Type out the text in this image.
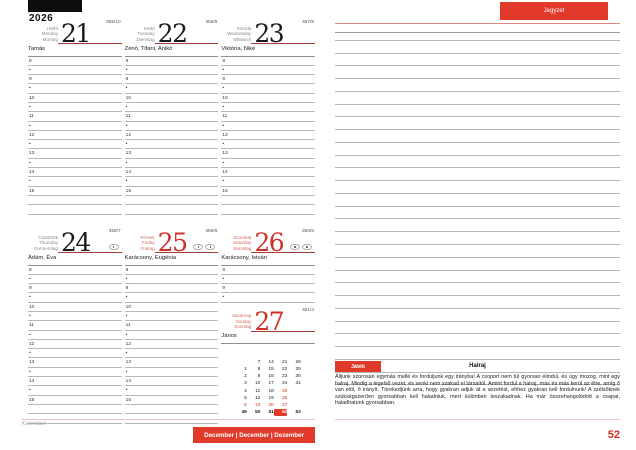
2026
Hétfő
Monday
Montag 21	355/10
Tamás
8
•
9
•
10
•
11
•
12
•
13
•
14
•
15
Kedd
Tuesday
Dienstag 22	356/9
Zénó, Tifani, Anikó
8
•
9
•
10
•
11
•
12
•
13
•
14
•
15
Szerda
Wednesday
Mittwoch 23	357/8
Viktória, Niké
8
•
9
•
10
•
11
•
12
•
13
•
14
•
15
Csütörtök
Thursday
Donnerstag 24	358/7
Ádám, Éva
8
•
9
•
10
•
11
•
12
•
13
•
14
•
15
Péntek
Friday
Freitag 25	359/6
Karácsony, Eugénia
8
•
9
•
10
•
11
•
12
•
13
•
14
•
15
Szombat
Saturday
Samstag 26	360/5
Karácsony, István
8
•
9
•
Vasárnap
Sunday
Sonntag 27	361/4
János
7	14	21	28
1	8	15	22	29
2	9	16	23	30
3	10	17	24	31
4	11	18	25
5	12	19	26
6	13	20	27
49	50	51	52	53
Kalendart
December | December | Dezember
Jegyzet
Játék	Halraj
Álljunk szorosan egymás mellé és forduljunk egy irányba! A csoport nem túl gyorsan elindul, és úgy mozog, mint egy halraj. Mindig a legelső vezet, és senki nem szakad el társaitól. Amint fordul a halraj, más és más kerül az élre, amíg ő van elöl, ő irányít. Törekedjünk arra, hogy gyakran adjuk át a vezetést, ehhez gyakran kell fordulnunk! A szélsőknek szükségszerűen gyorsabban kell haladniuk, mert különben leszakadnak. Ha már összehangolódott a csapat, haladhatunk gyorsabban.
52
